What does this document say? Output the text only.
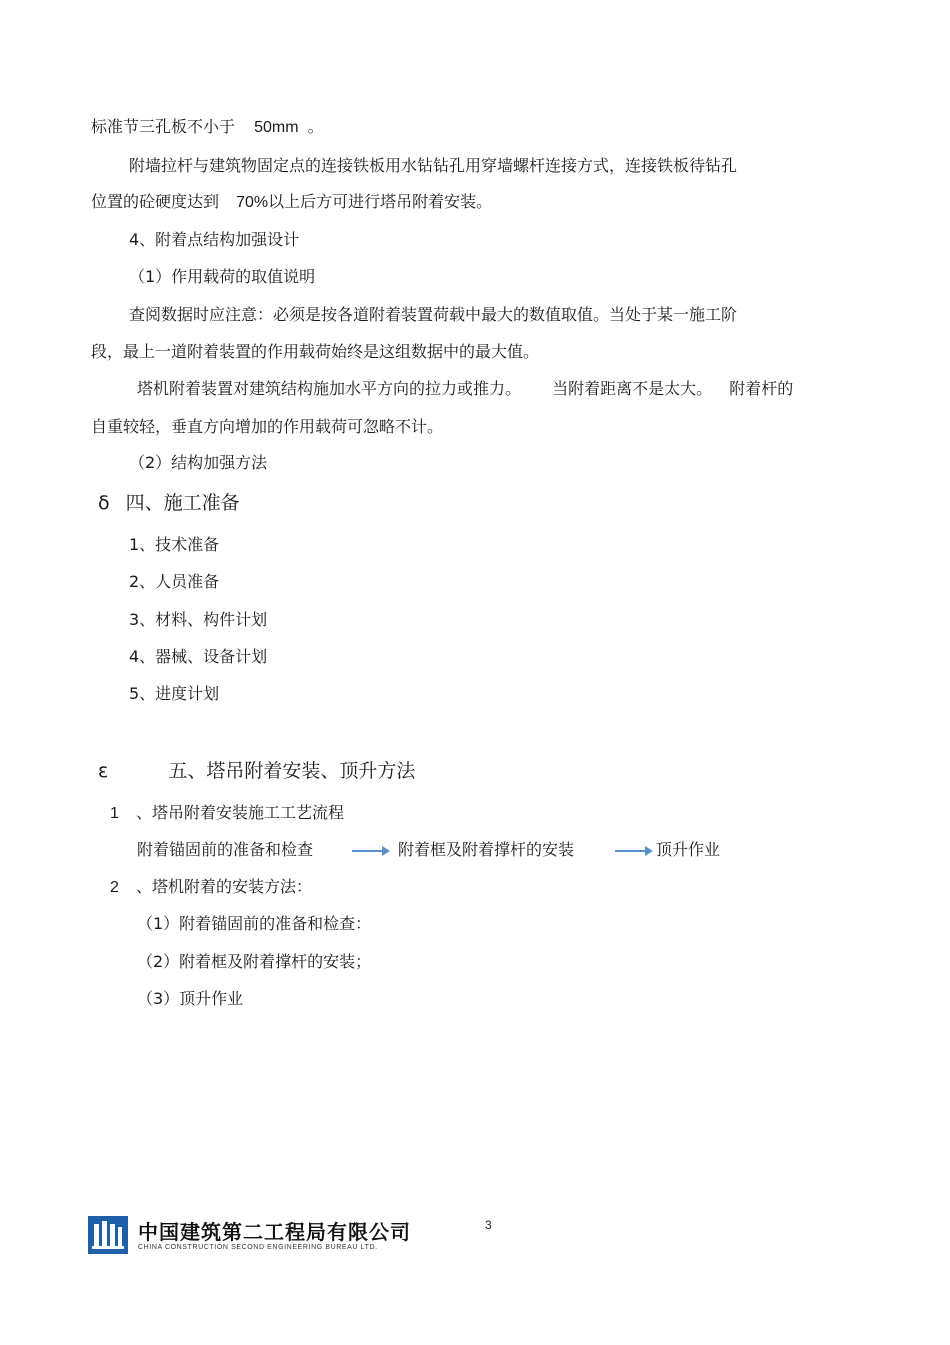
标准节三孔板不小于 50mm 。
附墙拉杆与建筑物固定点的连接铁板用水钻钻孔用穿墙螺杆连接方式，连接铁板待钻孔
位置的砼硬度达到 70%以上后方可进行塔吊附着安装。
4、附着点结构加强设计
（1）作用载荷的取值说明
查阅数据时应注意：必须是按各道附着装置荷载中最大的数值取值。当处于某一施工阶
段，最上一道附着装置的作用载荷始终是这组数据中的最大值。
塔机附着装置对建筑结构施加水平方向的拉力或推力。 当附着距离不是太大。 附着杆的
自重较轻，垂直方向增加的作用载荷可忽略不计。
（2）结构加强方法
δ 四、施工准备
1、技术准备
2、人员准备
3、材料、构件计划
4、器械、设备计划
5、进度计划
ε	五、塔吊附着安装、顶升方法
1 、塔吊附着安装施工工艺流程
附着锚固前的准备和检查	附着框及附着撑杆的安装	顶升作业
2 、塔机附着的安装方法：
（1）附着锚固前的准备和检查：
（2）附着框及附着撑杆的安装；
（3）顶升作业
中国建筑第二工程局有限公司
CHINA CONSTRUCTION SECOND ENGINEERING BUREAU LTD.
3
